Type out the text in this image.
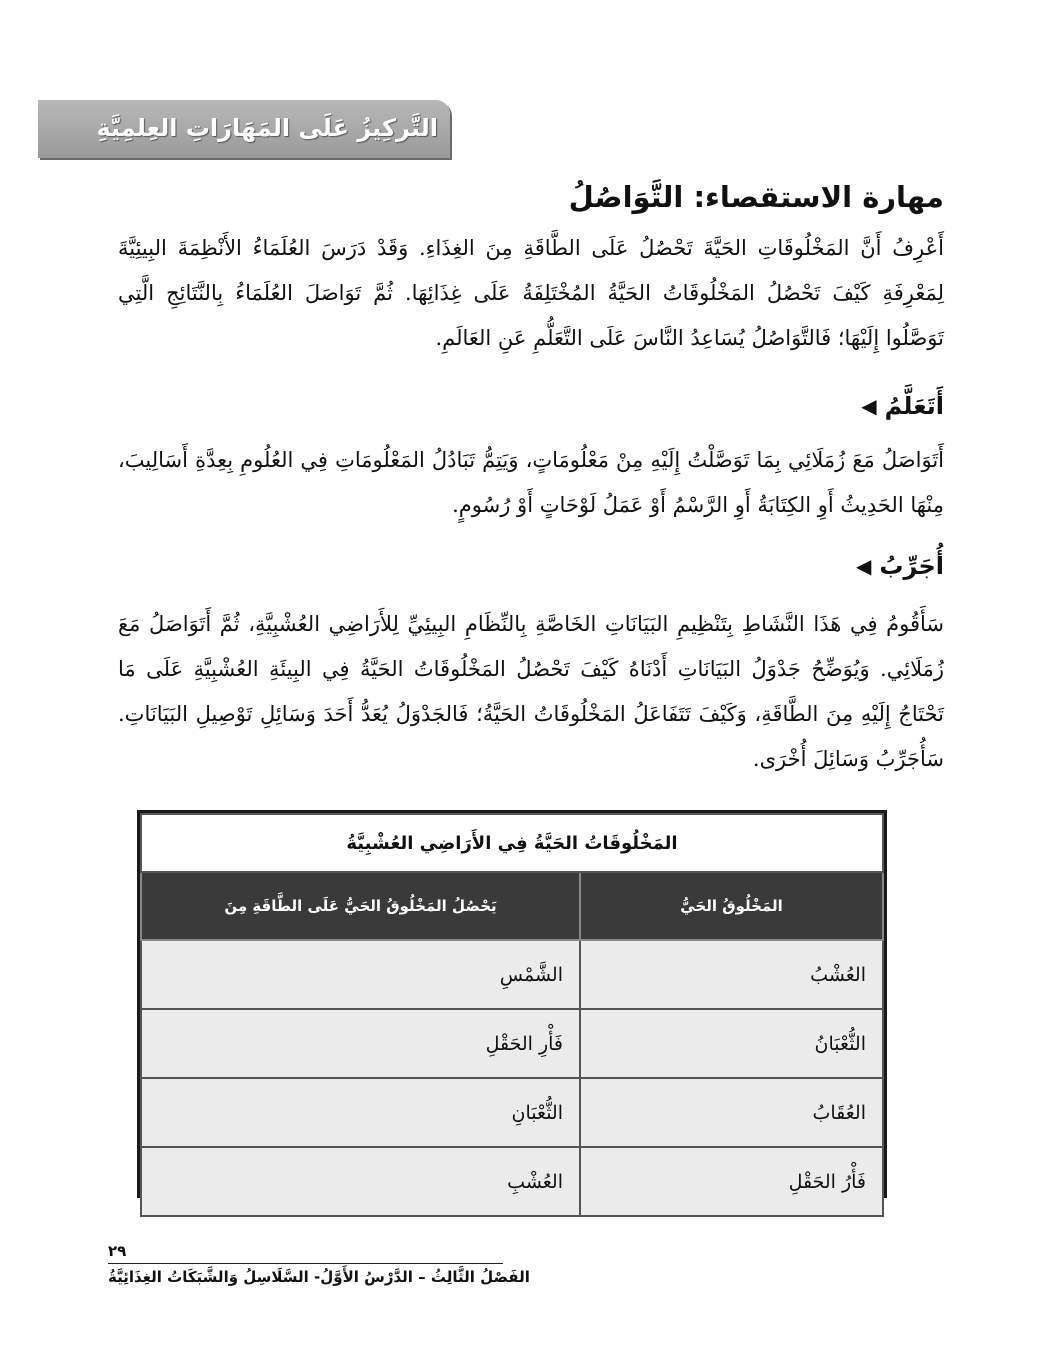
التَّركِيزُ عَلَى المَهَارَاتِ العِلمِيَّةِ
مهارة الاستقصاء: التَّوَاصُلُ

أَعْرِفُ أَنَّ المَخْلُوقَاتِ الحَيَّةَ تَحْصُلُ عَلَى الطَّاقَةِ مِنَ الغِذَاءِ. وَقَدْ دَرَسَ العُلَمَاءُ الأَنْظِمَةَ البِيئِيَّةَ لِمَعْرِفَةِ كَيْفَ تَحْصُلُ المَخْلُوقَاتُ الحَيَّةُ المُخْتَلِفَةُ عَلَى غِذَائِهَا. ثُمَّ تَوَاصَلَ العُلَمَاءُ بِالنَّتَائِجِ الَّتِي تَوَصَّلُوا إِلَيْهَا؛ فَالتَّوَاصُلُ يُسَاعِدُ النَّاسَ عَلَى التَّعَلُّمِ عَنِ العَالَمِ.

أَتَعَلَّمُ
◀

أَتَوَاصَلُ مَعَ زُمَلَائِي بِمَا تَوَصَّلْتُ إِلَيْهِ مِنْ مَعْلُومَاتٍ، وَيَتِمُّ تَبَادُلُ المَعْلُومَاتِ فِي العُلُومِ بِعِدَّةِ أَسَالِيبَ، مِنْهَا الحَدِيثُ أَوِ الكِتَابَةُ أَوِ الرَّسْمُ أَوْ عَمَلُ لَوْحَاتٍ أَوْ رُسُومٍ.

أُجَرِّبُ
◀

سَأَقُومُ فِي هَذَا النَّشَاطِ بِتَنْظِيمِ البَيَانَاتِ الخَاصَّةِ بِالنِّظَامِ البِيئِيِّ لِلأَرَاضِي العُشْبِيَّةِ، ثُمَّ أَتَوَاصَلُ مَعَ زُمَلَائِي. وَيُوَضِّحُ جَدْوَلُ البَيَانَاتِ أَدْنَاهُ كَيْفَ تَحْصُلُ المَخْلُوقَاتُ الحَيَّةُ فِي البِيئَةِ العُشْبِيَّةِ عَلَى مَا تَحْتَاجُ إِلَيْهِ مِنَ الطَّاقَةِ، وَكَيْفَ تَتَفَاعَلُ المَخْلُوقَاتُ الحَيَّةُ؛ فَالجَدْوَلُ يُعَدُّ أَحَدَ وَسَائِلِ تَوْصِيلِ البَيَانَاتِ. سَأُجَرِّبُ وَسَائِلَ أُخْرَى.

المَخْلُوقَاتُ الحَيَّةُ فِي الأَرَاضِي العُشْبِيَّةُ	
المَخْلُوقُ الحَيُّ	يَحْصُلُ المَخْلُوقُ الحَيُّ عَلَى الطَّاقَةِ مِنَ
العُشْبُ	الشَّمْسِ
الثُّعْبَانُ	فَأْرِ الحَقْلِ
العُقَابُ	الثُّعْبَانِ
فَأْرُ الحَقْلِ	العُشْبِ
٢٩
الفَصْلُ الثَّالِثُ – الدَّرْسُ الأَوَّلُ- السَّلَاسِلُ وَالشَّبَكَاتُ الغِذَائِيَّةُ
